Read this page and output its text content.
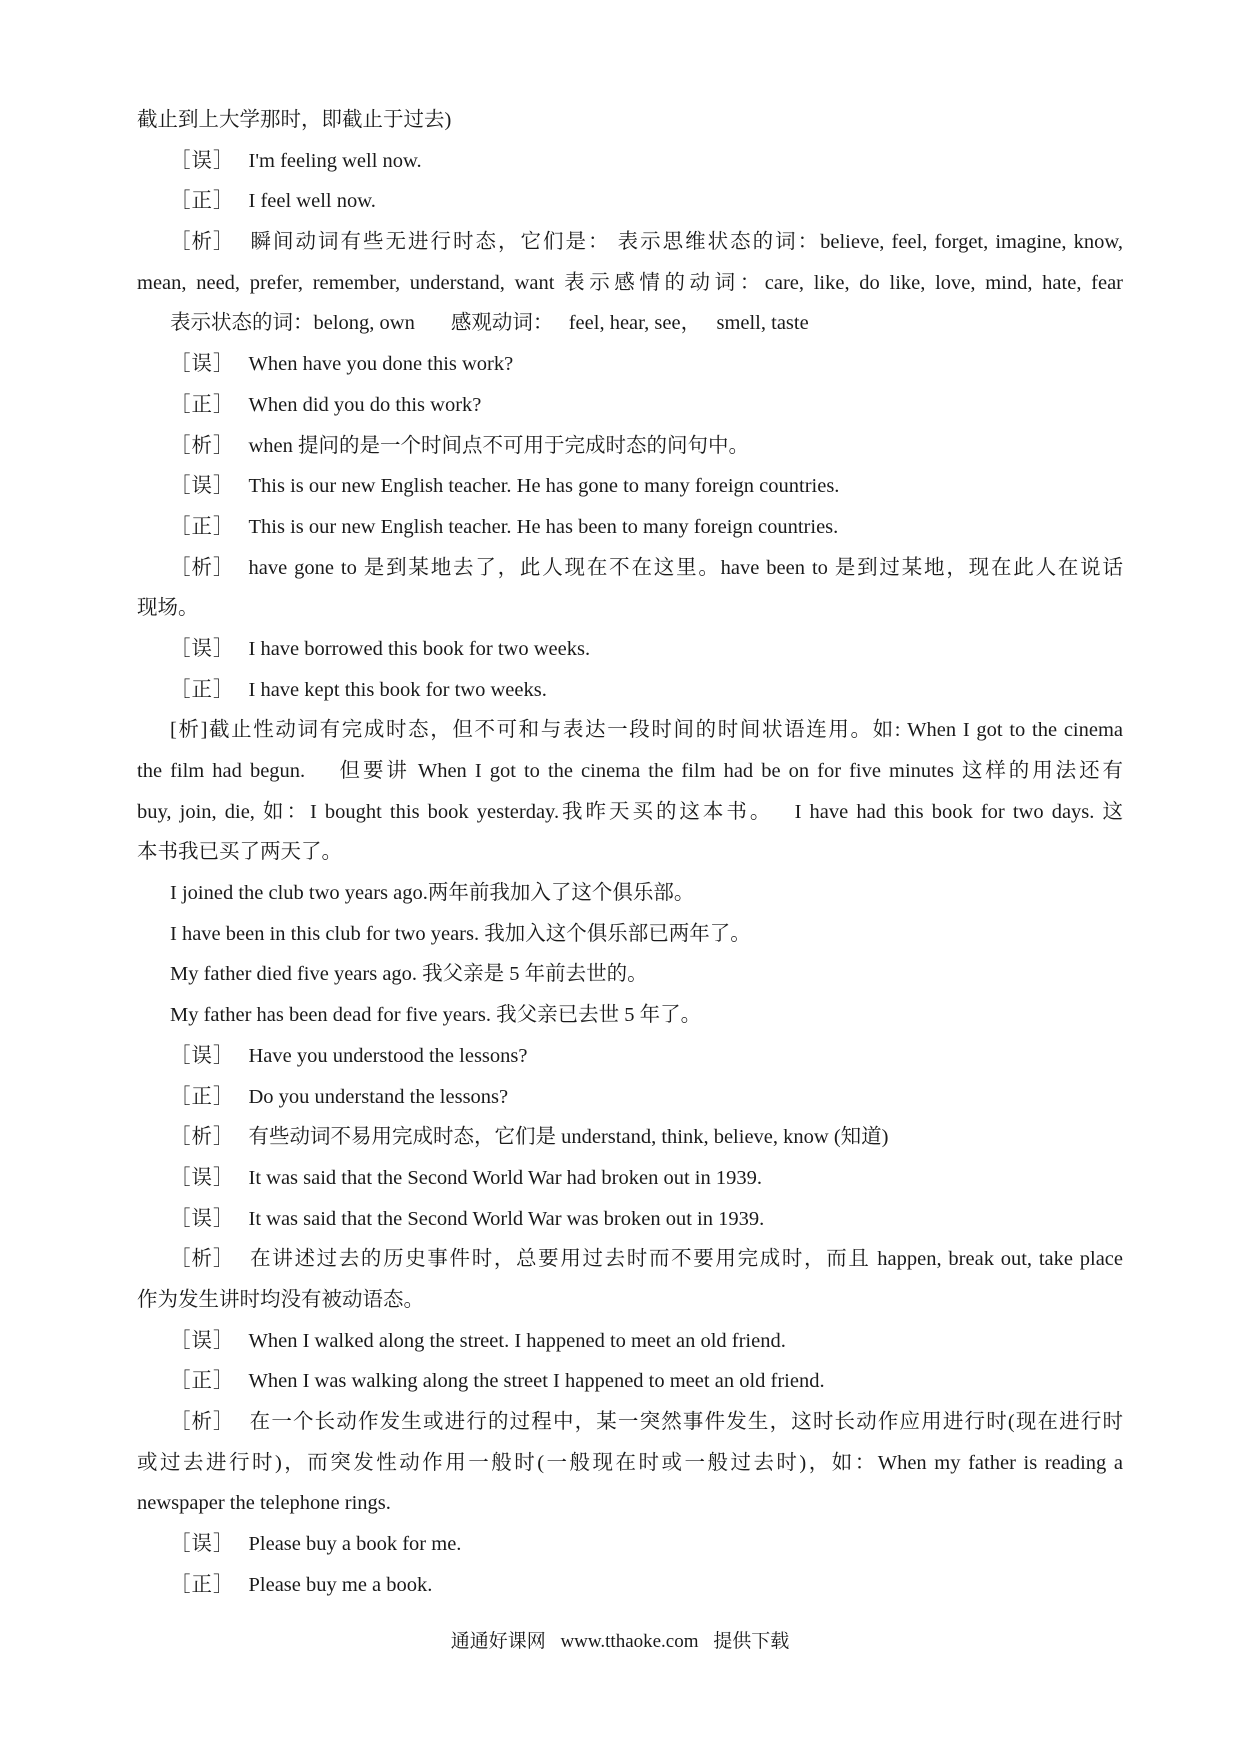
截止到上大学那时，即截止于过去)
［误］ I'm feeling well now.
［正］ I feel well now.
［析］ 瞬间动词有些无进行时态，它们是： 表示思维状态的词：believe, feel, forget, imagine, know,
mean, need, prefer, remember, understand, want 表示感情的动词：care, like, do like, love, mind, hate, fear
表示状态的词：belong, own 感观动词： feel, hear, see， smell, taste
［误］ When have you done this work?
［正］ When did you do this work?
［析］ when 提问的是一个时间点不可用于完成时态的问句中。
［误］ This is our new English teacher. He has gone to many foreign countries.
［正］ This is our new English teacher. He has been to many foreign countries.
［析］ have gone to 是到某地去了，此人现在不在这里。have been to 是到过某地，现在此人在说话
现场。
［误］ I have borrowed this book for two weeks.
［正］ I have kept this book for two weeks.
[析]截止性动词有完成时态，但不可和与表达一段时间的时间状语连用。如: When I got to the cinema
the film had begun.　 但要讲 When I got to the cinema the film had be on for five minutes 这样的用法还有
buy, join, die, 如：I bought this book yesterday.我昨天买的这本书。　 I have had this book for two days. 这
本书我已买了两天了。
I joined the club two years ago.两年前我加入了这个俱乐部。
I have been in this club for two years. 我加入这个俱乐部已两年了。
My father died five years ago. 我父亲是 5 年前去世的。
My father has been dead for five years. 我父亲已去世 5 年了。
［误］ Have you understood the lessons?
［正］ Do you understand the lessons?
［析］ 有些动词不易用完成时态，它们是 understand, think, believe, know (知道)
［误］ It was said that the Second World War had broken out in 1939.
［误］ It was said that the Second World War was broken out in 1939.
［析］ 在讲述过去的历史事件时，总要用过去时而不要用完成时，而且 happen, break out, take place
作为发生讲时均没有被动语态。
［误］ When I walked along the street. I happened to meet an old friend.
［正］ When I was walking along the street I happened to meet an old friend.
［析］ 在一个长动作发生或进行的过程中，某一突然事件发生，这时长动作应用进行时(现在进行时
或过去进行时)，而突发性动作用一般时(一般现在时或一般过去时)，如：When my father is reading a
newspaper the telephone rings.
［误］ Please buy a book for me.
［正］ Please buy me a book.
通通好课网 www.tthaoke.com 提供下载
